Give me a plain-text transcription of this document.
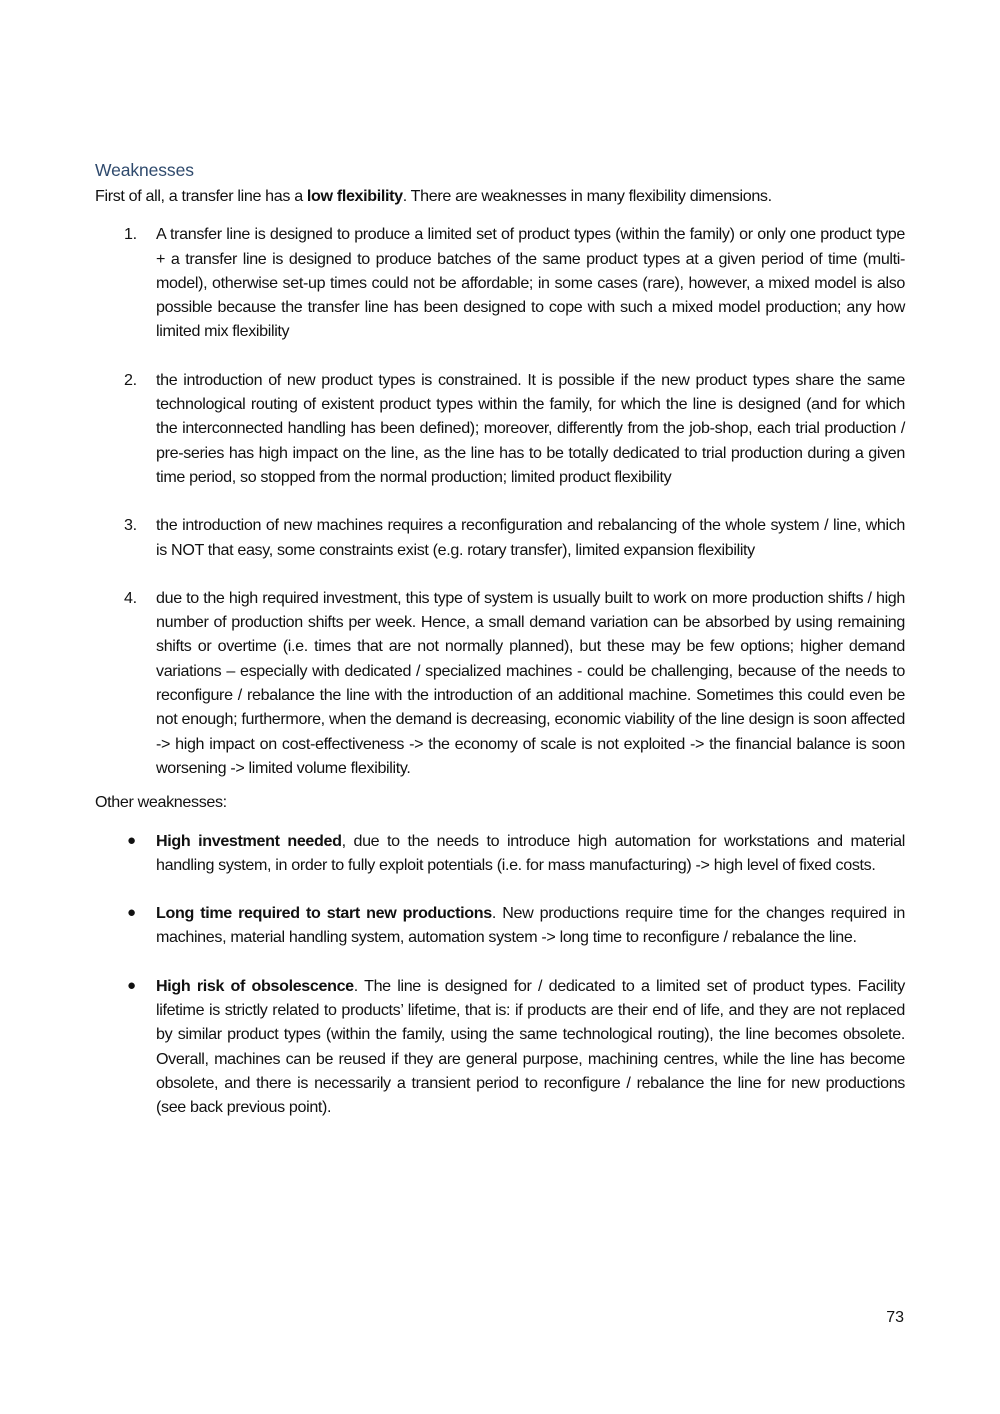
Weaknesses

First of all, a transfer line has a low flexibility. There are weaknesses in many flexibility dimensions.

1. A transfer line is designed to produce a limited set of product types (within the family) or only one product type + a transfer line is designed to produce batches of the same product types at a given period of time (multi-model), otherwise set-up times could not be affordable; in some cases (rare), however, a mixed model is also possible because the transfer line has been designed to cope with such a mixed model production; any how limited mix flexibility
2. the introduction of new product types is constrained. It is possible if the new product types share the same technological routing of existent product types within the family, for which the line is designed (and for which the interconnected handling has been defined); moreover, differently from the job-shop, each trial production / pre-series has high impact on the line, as the line has to be totally dedicated to trial production during a given time period, so stopped from the normal production; limited product flexibility
3. the introduction of new machines requires a reconfiguration and rebalancing of the whole system / line, which is NOT that easy, some constraints exist (e.g. rotary transfer), limited expansion flexibility
4. due to the high required investment, this type of system is usually built to work on more production shifts / high number of production shifts per week. Hence, a small demand variation can be absorbed by using remaining shifts or overtime (i.e. times that are not normally planned), but these may be few options; higher demand variations – especially with dedicated / specialized machines - could be challenging, because of the needs to reconfigure / rebalance the line with the introduction of an additional machine. Sometimes this could even be not enough; furthermore, when the demand is decreasing, economic viability of the line design is soon affected -> high impact on cost-effectiveness -> the economy of scale is not exploited -> the financial balance is soon worsening -> limited volume flexibility.

Other weaknesses:

● High investment needed, due to the needs to introduce high automation for workstations and material handling system, in order to fully exploit potentials (i.e. for mass manufacturing) -> high level of fixed costs.
● Long time required to start new productions. New productions require time for the changes required in machines, material handling system, automation system -> long time to reconfigure / rebalance the line.
● High risk of obsolescence. The line is designed for / dedicated to a limited set of product types. Facility lifetime is strictly related to products’ lifetime, that is: if products are their end of life, and they are not replaced by similar product types (within the family, using the same technological routing), the line becomes obsolete. Overall, machines can be reused if they are general purpose, machining centres, while the line has become obsolete, and there is necessarily a transient period to reconfigure / rebalance the line for new productions (see back previous point).
73
